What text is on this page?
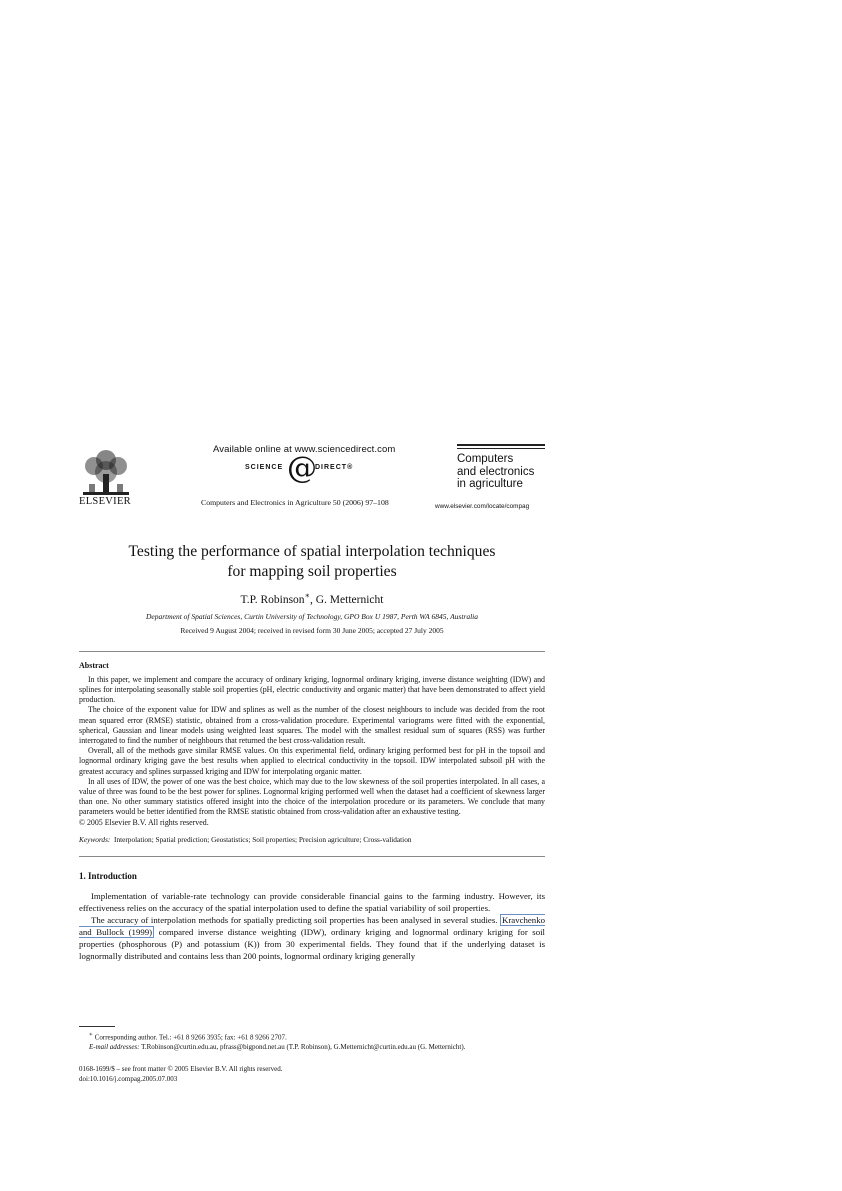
ELSEVIER
Available online at www.sciencedirect.com
SCIENCE @
DIRECT®
Computers and Electronics in Agriculture 50 (2006) 97–108
Computers
and electronics
in agriculture
www.elsevier.com/locate/compag
Testing the performance of spatial interpolation techniques
for mapping soil properties
T.P. Robinson∗, G. Metternicht
Department of Spatial Sciences, Curtin University of Technology, GPO Box U 1987, Perth WA 6845, Australia
Received 9 August 2004; received in revised form 30 June 2005; accepted 27 July 2005
Abstract

In this paper, we implement and compare the accuracy of ordinary kriging, lognormal ordinary kriging, inverse distance weighting (IDW) and splines for interpolating seasonally stable soil properties (pH, electric conductivity and organic matter) that have been demonstrated to affect yield production.

The choice of the exponent value for IDW and splines as well as the number of the closest neighbours to include was decided from the root mean squared error (RMSE) statistic, obtained from a cross-validation procedure. Experimental variograms were fitted with the exponential, spherical, Gaussian and linear models using weighted least squares. The model with the smallest residual sum of squares (RSS) was further interrogated to find the number of neighbours that returned the best cross-validation result.

Overall, all of the methods gave similar RMSE values. On this experimental field, ordinary kriging performed best for pH in the topsoil and lognormal ordinary kriging gave the best results when applied to electrical conductivity in the topsoil. IDW interpolated subsoil pH with the greatest accuracy and splines surpassed kriging and IDW for interpolating organic matter.

In all uses of IDW, the power of one was the best choice, which may due to the low skewness of the soil properties interpolated. In all cases, a value of three was found to be the best power for splines. Lognormal kriging performed well when the dataset had a coefficient of skewness larger than one. No other summary statistics offered insight into the choice of the interpolation procedure or its parameters. We conclude that many parameters would be better identified from the RMSE statistic obtained from cross-validation after an exhaustive testing.

© 2005 Elsevier B.V. All rights reserved.

Keywords: Interpolation; Spatial prediction; Geostatistics; Soil properties; Precision agriculture; Cross-validation
1. Introduction

Implementation of variable-rate technology can provide considerable financial gains to the farming industry. However, its effectiveness relies on the accuracy of the spatial interpolation used to define the spatial variability of soil properties.

The accuracy of interpolation methods for spatially predicting soil properties has been analysed in several studies. Kravchenko and Bullock (1999) compared inverse distance weighting (IDW), ordinary kriging and lognormal ordinary kriging for soil properties (phosphorous (P) and potassium (K)) from 30 experimental fields. They found that if the underlying dataset is lognormally distributed and contains less than 200 points, lognormal ordinary kriging generally

∗ Corresponding author. Tel.: +61 8 9266 3935; fax: +61 8 9266 2707.

E-mail addresses: T.Robinson@curtin.edu.au, pfrass@bigpond.net.au (T.P. Robinson), G.Metternicht@curtin.edu.au (G. Metternicht).

0168-1699/$ – see front matter © 2005 Elsevier B.V. All rights reserved.
doi:10.1016/j.compag.2005.07.003
